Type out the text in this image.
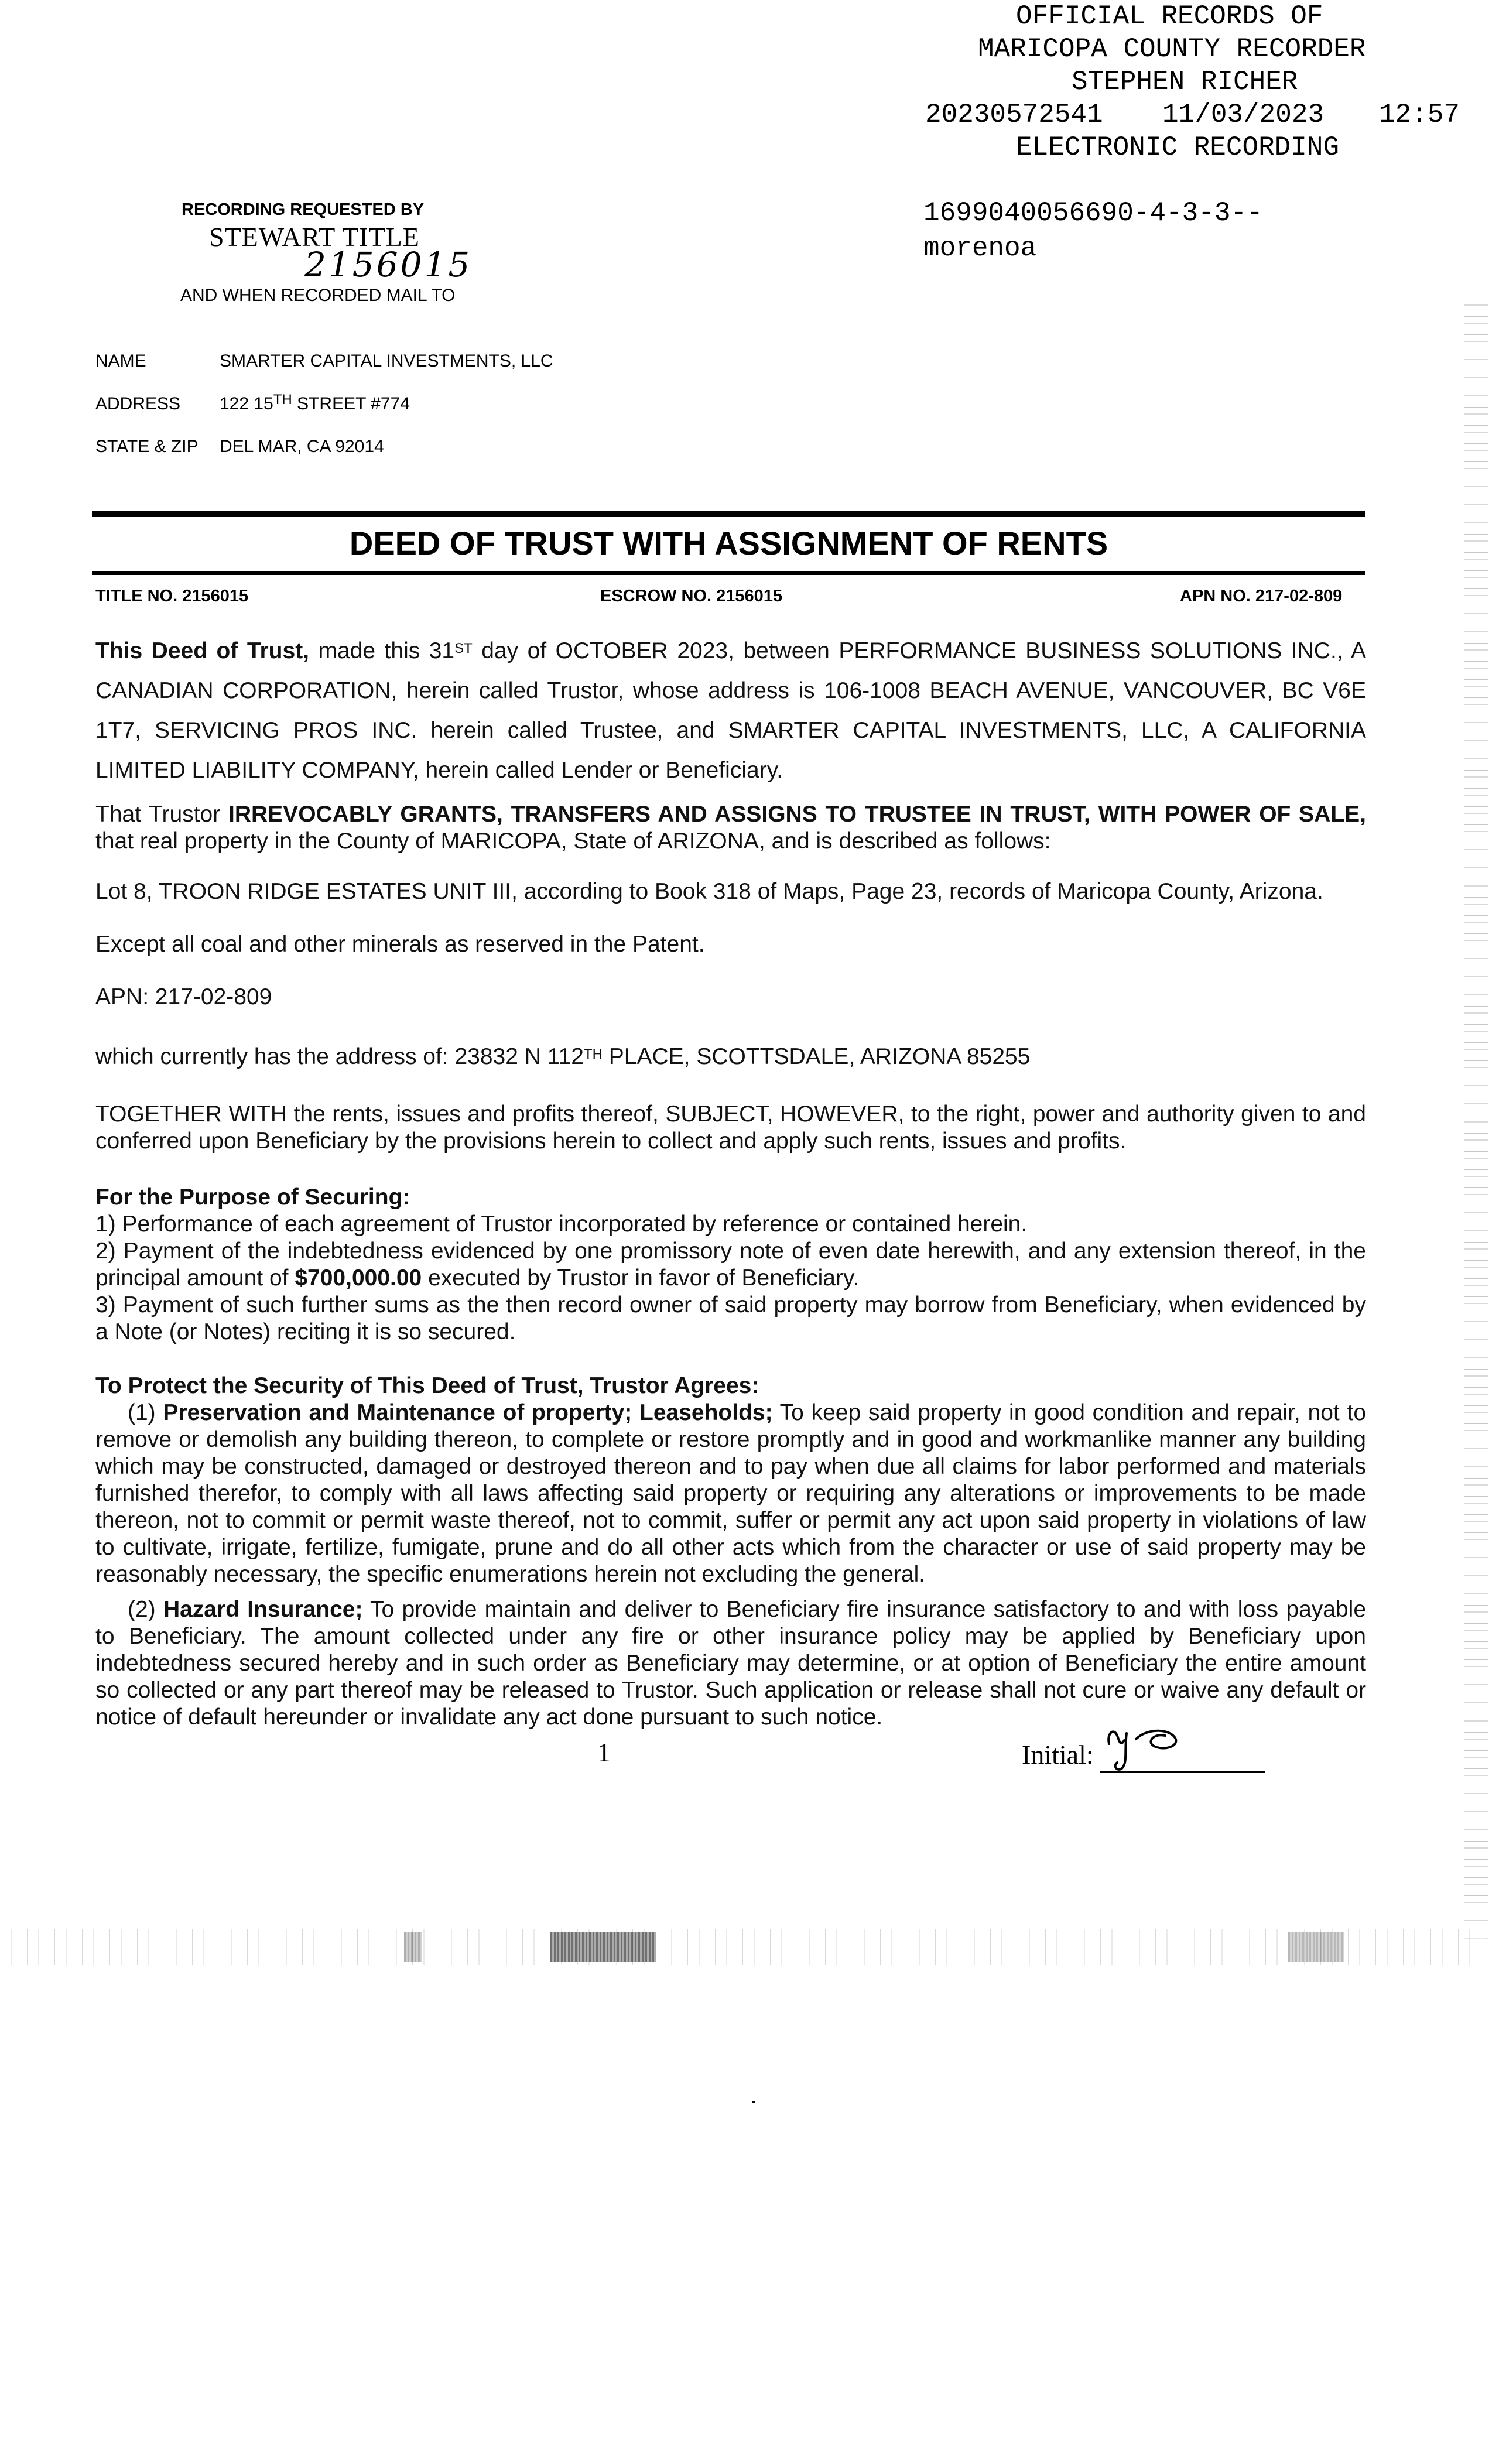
OFFICIAL RECORDS OF
MARICOPA COUNTY RECORDER
STEPHEN RICHER
20230572541 11/03/2023 12:57
ELECTRONIC RECORDING
1699040056690-4-3-3--
morenoa
RECORDING REQUESTED BY
STEWART TITLE
2156015
AND WHEN RECORDED MAIL TO
NAME	SMARTER CAPITAL INVESTMENTS, LLC
ADDRESS 122 15TH STREET #774
STATE & ZIP DEL MAR, CA 92014
DEED OF TRUST WITH ASSIGNMENT OF RENTS
TITLE NO. 2156015	ESCROW NO. 2156015	APN NO. 217-02-809
This Deed of Trust, made this 31ST day of OCTOBER 2023, between PERFORMANCE BUSINESS SOLUTIONS INC., A CANADIAN CORPORATION, herein called Trustor, whose address is 106-1008 BEACH AVENUE, VANCOUVER, BC V6E 1T7, SERVICING PROS INC. herein called Trustee, and SMARTER CAPITAL INVESTMENTS, LLC, A CALIFORNIA LIMITED LIABILITY COMPANY, herein called Lender or Beneficiary.
That Trustor IRREVOCABLY GRANTS, TRANSFERS AND ASSIGNS TO TRUSTEE IN TRUST, WITH POWER OF SALE, that real property in the County of MARICOPA, State of ARIZONA, and is described as follows:
Lot 8, TROON RIDGE ESTATES UNIT III, according to Book 318 of Maps, Page 23, records of Maricopa County, Arizona.
Except all coal and other minerals as reserved in the Patent.
APN: 217-02-809
which currently has the address of: 23832 N 112TH PLACE, SCOTTSDALE, ARIZONA 85255
TOGETHER WITH the rents, issues and profits thereof, SUBJECT, HOWEVER, to the right, power and authority given to and conferred upon Beneficiary by the provisions herein to collect and apply such rents, issues and profits.
For the Purpose of Securing:
1) Performance of each agreement of Trustor incorporated by reference or contained herein.
2) Payment of the indebtedness evidenced by one promissory note of even date herewith, and any extension thereof, in the principal amount of $700,000.00 executed by Trustor in favor of Beneficiary.
3) Payment of such further sums as the then record owner of said property may borrow from Beneficiary, when evidenced by a Note (or Notes) reciting it is so secured.
To Protect the Security of This Deed of Trust, Trustor Agrees:
(1) Preservation and Maintenance of property; Leaseholds; To keep said property in good condition and repair, not to remove or demolish any building thereon, to complete or restore promptly and in good and workmanlike manner any building which may be constructed, damaged or destroyed thereon and to pay when due all claims for labor performed and materials furnished therefor, to comply with all laws affecting said property or requiring any alterations or improvements to be made thereon, not to commit or permit waste thereof, not to commit, suffer or permit any act upon said property in violations of law to cultivate, irrigate, fertilize, fumigate, prune and do all other acts which from the character or use of said property may be reasonably necessary, the specific enumerations herein not excluding the general.
(2) Hazard Insurance; To provide maintain and deliver to Beneficiary fire insurance satisfactory to and with loss payable to Beneficiary. The amount collected under any fire or other insurance policy may be applied by Beneficiary upon indebtedness secured hereby and in such order as Beneficiary may determine, or at option of Beneficiary the entire amount so collected or any part thereof may be released to Trustor. Such application or release shall not cure or waive any default or notice of default hereunder or invalidate any act done pursuant to such notice.
1	Initial:
